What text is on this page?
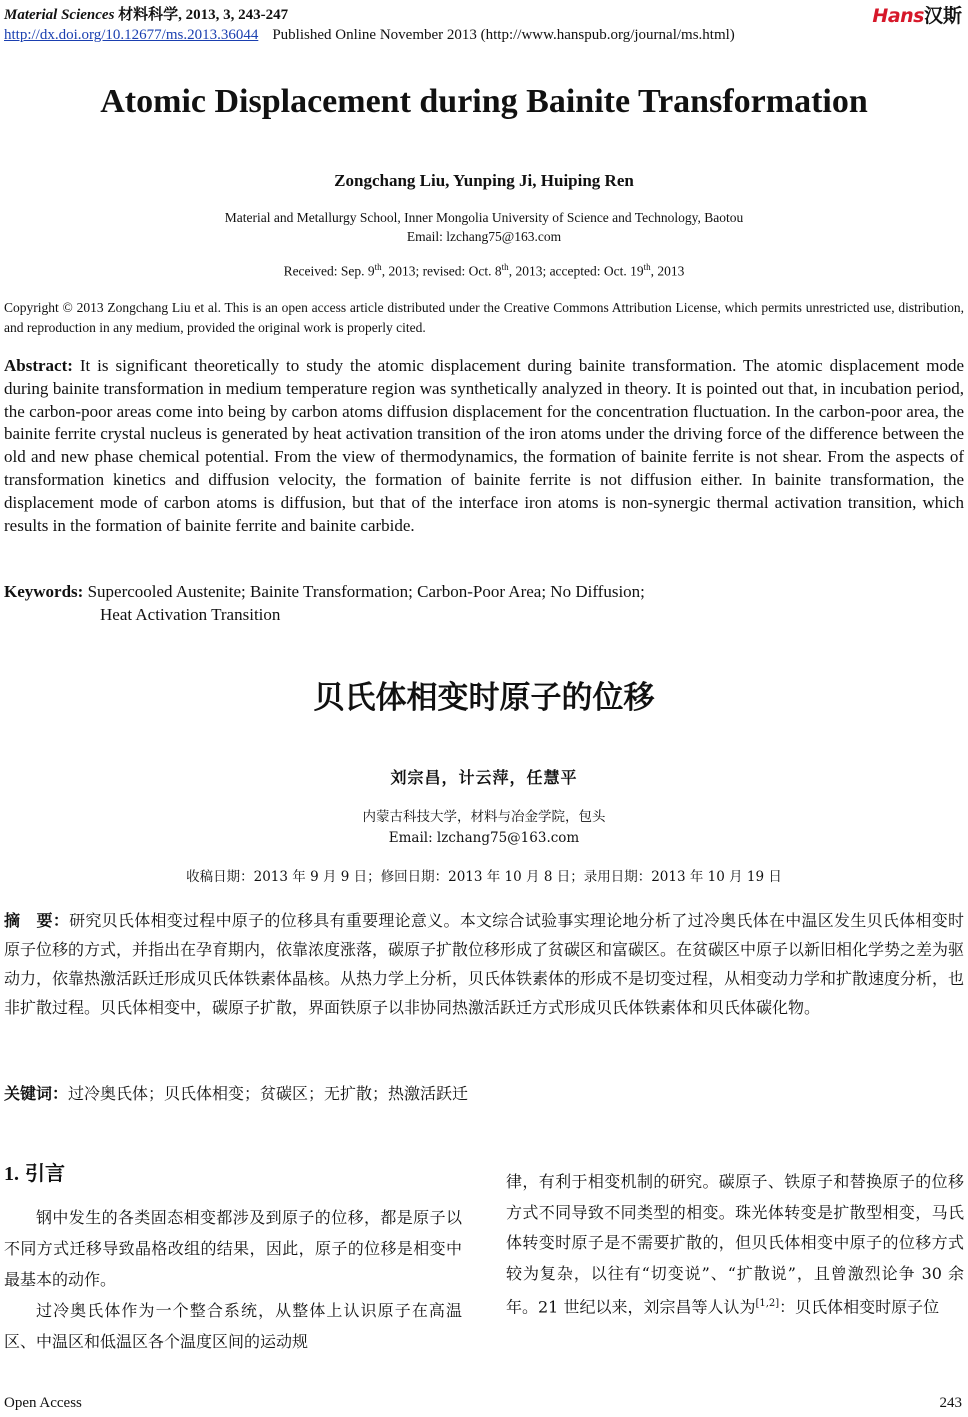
Material Sciences 材料科学, 2013, 3, 243-247	Hans汉斯
http://dx.doi.org/10.12677/ms.2013.36044 Published Online November 2013 (http://www.hanspub.org/journal/ms.html)
Atomic Displacement during Bainite Transformation
Zongchang Liu, Yunping Ji, Huiping Ren
Material and Metallurgy School, Inner Mongolia University of Science and Technology, Baotou
Email: lzchang75@163.com
Received: Sep. 9th, 2013; revised: Oct. 8th, 2013; accepted: Oct. 19th, 2013
Copyright © 2013 Zongchang Liu et al. This is an open access article distributed under the Creative Commons Attribution License, which permits unrestricted use, distribution, and reproduction in any medium, provided the original work is properly cited.
Abstract: It is significant theoretically to study the atomic displacement during bainite transformation. The atomic displacement mode during bainite transformation in medium temperature region was synthetically analyzed in theory. It is pointed out that, in incubation period, the carbon-poor areas come into being by carbon atoms diffusion displacement for the concentration fluctuation. In the carbon-poor area, the bainite ferrite crystal nucleus is generated by heat activation transition of the iron atoms under the driving force of the difference between the old and new phase chemical potential. From the view of thermodynamics, the formation of bainite ferrite is not shear. From the aspects of transformation kinetics and diffusion velocity, the formation of bainite ferrite is not diffusion either. In bainite transformation, the displacement mode of carbon atoms is diffusion, but that of the interface iron atoms is non-synergic thermal activation transition, which results in the formation of bainite ferrite and bainite carbide.
Keywords: Supercooled Austenite; Bainite Transformation; Carbon-Poor Area; No Diffusion;
Heat Activation Transition
贝氏体相变时原子的位移
刘宗昌，计云萍，任慧平
内蒙古科技大学，材料与冶金学院，包头
Email: lzchang75@163.com
收稿日期：2013 年 9 月 9 日；修回日期：2013 年 10 月 8 日；录用日期：2013 年 10 月 19 日
摘　要：研究贝氏体相变过程中原子的位移具有重要理论意义。本文综合试验事实理论地分析了过冷奥氏体在中温区发生贝氏体相变时原子位移的方式，并指出在孕育期内，依靠浓度涨落，碳原子扩散位移形成了贫碳区和富碳区。在贫碳区中原子以新旧相化学势之差为驱动力，依靠热激活跃迁形成贝氏体铁素体晶核。从热力学上分析，贝氏体铁素体的形成不是切变过程，从相变动力学和扩散速度分析，也非扩散过程。贝氏体相变中，碳原子扩散，界面铁原子以非协同热激活跃迁方式形成贝氏体铁素体和贝氏体碳化物。
关键词：过冷奥氏体；贝氏体相变；贫碳区；无扩散；热激活跃迁
1. 引言

钢中发生的各类固态相变都涉及到原子的位移，都是原子以不同方式迁移导致晶格改组的结果，因此，原子的位移是相变中最基本的动作。

过冷奥氏体作为一个整合系统，从整体上认识原子在高温区、中温区和低温区各个温度区间的运动规

律，有利于相变机制的研究。碳原子、铁原子和替换原子的位移方式不同导致不同类型的相变。珠光体转变是扩散型相变，马氏体转变时原子是不需要扩散的，但贝氏体相变中原子的位移方式较为复杂，以往有“切变说”、“扩散说”，且曾激烈论争 30 余年。21 世纪以来，刘宗昌等人认为[1,2]：贝氏体相变时原子位

Open Access	243
